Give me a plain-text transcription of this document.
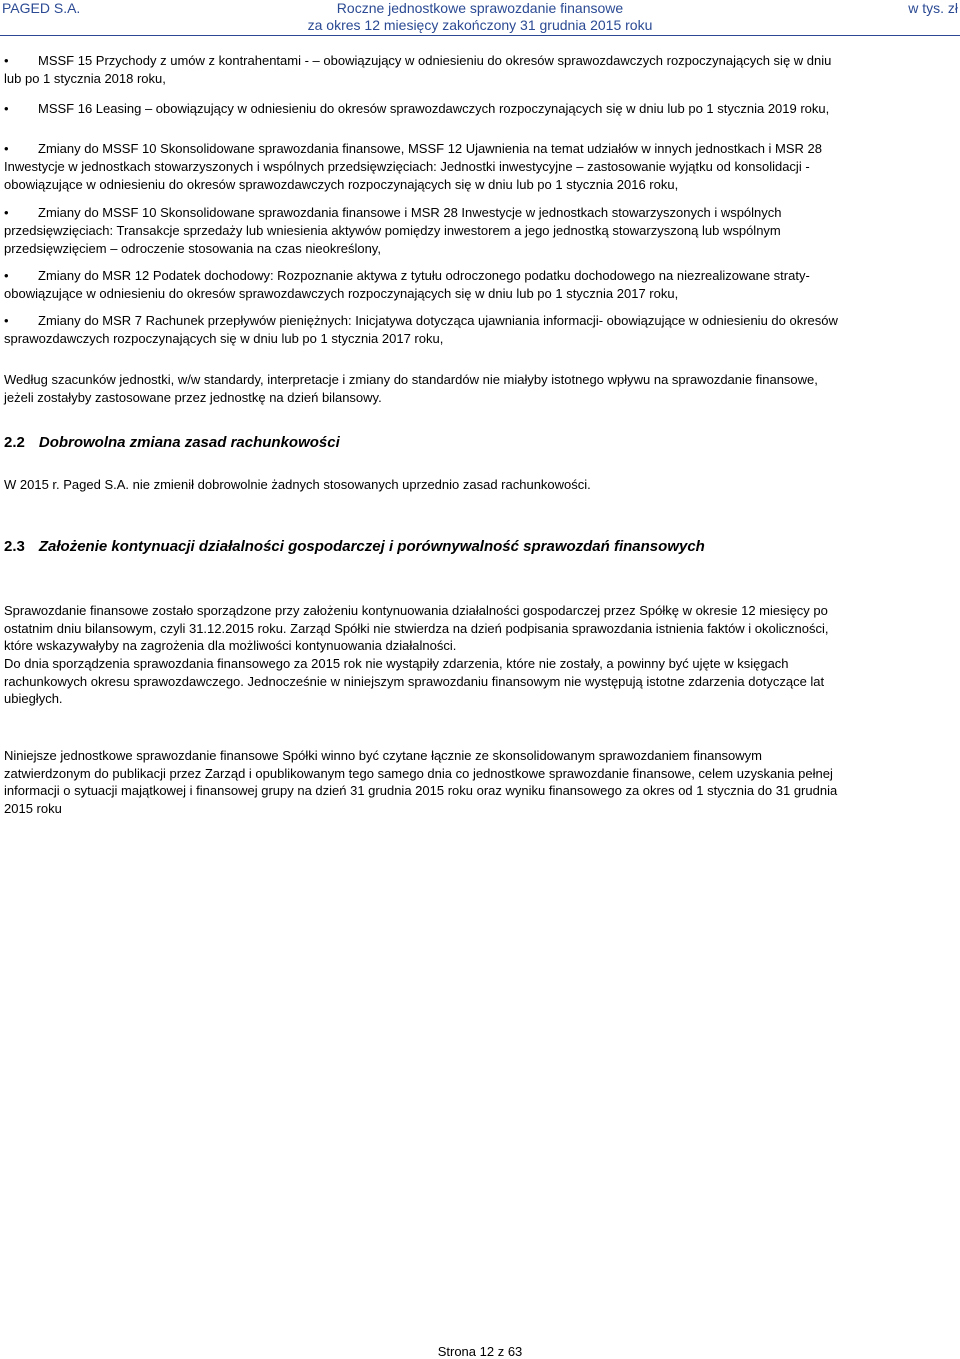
PAGED S.A.	Roczne jednostkowe sprawozdanie finansowe
za okres 12 miesięcy zakończony 31 grudnia 2015 roku
w tys. zł
•	MSSF 15 Przychody z umów z kontrahentami - – obowiązujący w odniesieniu do okresów sprawozdawczych rozpoczynających się w dniu lub po 1 stycznia 2018 roku,
•	MSSF 16 Leasing – obowiązujący w odniesieniu do okresów sprawozdawczych rozpoczynających się w dniu lub po 1 stycznia 2019 roku,
•	Zmiany do MSSF 10 Skonsolidowane sprawozdania finansowe, MSSF 12 Ujawnienia na temat udziałów w innych jednostkach i MSR 28 Inwestycje w jednostkach stowarzyszonych i wspólnych przedsięwzięciach: Jednostki inwestycyjne – zastosowanie wyjątku od konsolidacji - obowiązujące w odniesieniu do okresów sprawozdawczych rozpoczynających się w dniu lub po 1 stycznia 2016 roku,
•	Zmiany do MSSF 10 Skonsolidowane sprawozdania finansowe i MSR 28 Inwestycje w jednostkach stowarzyszonych i wspólnych przedsięwzięciach: Transakcje sprzedaży lub wniesienia aktywów pomiędzy inwestorem a jego jednostką stowarzyszoną lub wspólnym przedsięwzięciem – odroczenie stosowania na czas nieokreślony,
•	Zmiany do MSR 12 Podatek dochodowy: Rozpoznanie aktywa z tytułu odroczonego podatku dochodowego na niezrealizowane straty- obowiązujące w odniesieniu do okresów sprawozdawczych rozpoczynających się w dniu lub po 1 stycznia 2017 roku,
•	Zmiany do MSR 7 Rachunek przepływów pieniężnych: Inicjatywa dotycząca ujawniania informacji- obowiązujące w odniesieniu do okresów sprawozdawczych rozpoczynających się w dniu lub po 1 stycznia 2017 roku,
Według szacunków jednostki, w/w standardy, interpretacje i zmiany do standardów nie miałyby istotnego wpływu na sprawozdanie finansowe, jeżeli zostałyby zastosowane przez jednostkę na dzień bilansowy.
2.2 Dobrowolna zmiana zasad rachunkowości
W 2015 r. Paged S.A. nie zmienił dobrowolnie żadnych stosowanych uprzednio zasad rachunkowości.
2.3 Założenie kontynuacji działalności gospodarczej i porównywalność sprawozdań finansowych
Sprawozdanie finansowe zostało sporządzone przy założeniu kontynuowania działalności gospodarczej przez Spółkę w okresie 12 miesięcy po ostatnim dniu bilansowym, czyli 31.12.2015 roku. Zarząd Spółki nie stwierdza na dzień podpisania sprawozdania istnienia faktów i okoliczności, które wskazywałyby na zagrożenia dla możliwości kontynuowania działalności.
Do dnia sporządzenia sprawozdania finansowego za 2015 rok nie wystąpiły zdarzenia, które nie zostały, a powinny być ujęte w księgach rachunkowych okresu sprawozdawczego. Jednocześnie w niniejszym sprawozdaniu finansowym nie występują istotne zdarzenia dotyczące lat ubiegłych.
Niniejsze jednostkowe sprawozdanie finansowe Spółki winno być czytane łącznie ze skonsolidowanym sprawozdaniem finansowym zatwierdzonym do publikacji przez Zarząd i opublikowanym tego samego dnia co jednostkowe sprawozdanie finansowe, celem uzyskania pełnej informacji o sytuacji majątkowej i finansowej grupy na dzień 31 grudnia 2015 roku oraz wyniku finansowego za okres od 1 stycznia do 31 grudnia 2015 roku
Strona 12 z 63
